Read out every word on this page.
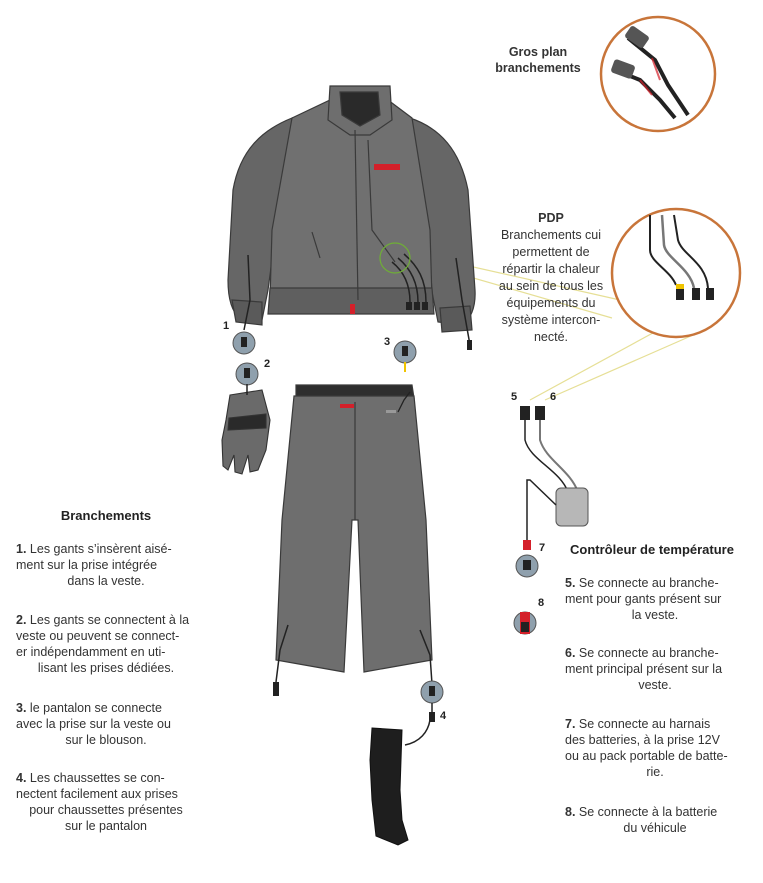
Gros plan
branchements
PDP
Branchements cui
permettent de
répartir la chaleur
au sein de tous les
équipements du
système intercon-
necté.
1
2
3
4
5	6
7
8
Branchements
1. Les gants s’insèrent aisé-
ment sur la prise intégrée
dans la veste.
2. Les gants se connectent à la
veste ou peuvent se connect-
er indépendamment en uti-
lisant les prises dédiées.
3. le pantalon se connecte
avec la prise sur la veste ou
sur le blouson.
4. Les chaussettes se con-
nectent facilement aux prises
pour chaussettes présentes
sur le pantalon
Contrôleur de température
5. Se connecte au branche-
ment pour gants présent sur
la veste.
6. Se connecte au branche-
ment principal présent sur la
veste.
7. Se connecte au harnais
des batteries, à la prise 12V
ou au pack portable de batte-
rie.
8. Se connecte à la batterie
du véhicule
